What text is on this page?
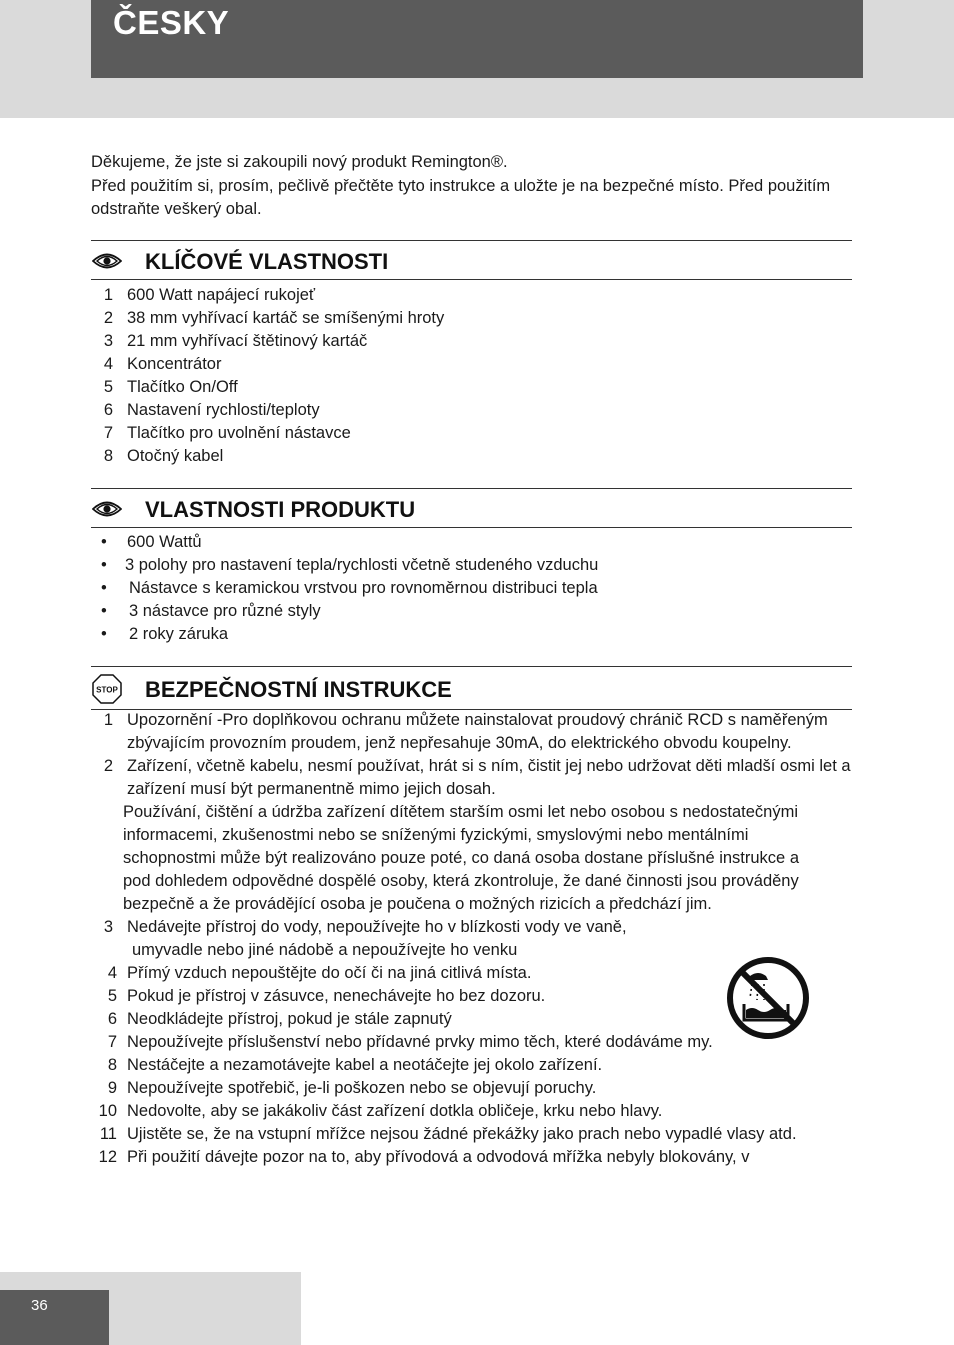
ČESKY

Děkujeme, že jste si zakoupili nový produkt Remington®.

Před použitím si, prosím, pečlivě přečtěte tyto instrukce a uložte je na bezpečné místo. Před použitím odstraňte veškerý obal.

KLÍČOVÉ VLASTNOSTI
1 600 Watt napájecí rukojeť
2 38 mm vyhřívací kartáč se smíšenými hroty
3 21 mm vyhřívací štětinový kartáč
4 Koncentrátor
5 Tlačítko On/Off
6 Nastavení rychlosti/teploty
7 Tlačítko pro uvolnění nástavce
8 Otočný kabel
VLASTNOSTI PRODUKTU
• 600 Wattů
• 3 polohy pro nastavení tepla/rychlosti včetně studeného vzduchu
• Nástavce s keramickou vrstvou pro rovnoměrnou distribuci tepla
• 3 nástavce pro různé styly
• 2 roky záruka
STOP BEZPEČNOSTNÍ INSTRUKCE
1 Upozornění -Pro doplňkovou ochranu můžete nainstalovat proudový chránič RCD s naměřeným zbývajícím provozním proudem, jenž nepřesahuje 30mA, do elektrického obvodu koupelny.
2 Zařízení, včetně kabelu, nesmí používat, hrát si s ním, čistit jej nebo udržovat děti mladší osmi let a zařízení musí být permanentně mimo jejich dosah.
Používání, čištění a údržba zařízení dítětem starším osmi let nebo osobou s nedostatečnými informacemi, zkušenostmi nebo se sníženými fyzickými, smyslovými nebo mentálními schopnostmi může být realizováno pouze poté, co daná osoba dostane příslušné instrukce a pod dohledem odpovědné dospělé osoby, která zkontroluje, že dané činnosti jsou prováděny bezpečně a že provádějící osoba je poučena o možných rizicích a předchází jim.
3 Nedávejte přístroj do vody, nepoužívejte ho v blízkosti vody ve vaně,
umyvadle nebo jiné nádobě a nepoužívejte ho venku
4 Přímý vzduch nepouštějte do očí či na jiná citlivá místa.
5 Pokud je přístroj v zásuvce, nenechávejte ho bez dozoru.
6 Neodkládejte přístroj, pokud je stále zapnutý
7 Nepoužívejte příslušenství nebo přídavné prvky mimo těch, které dodáváme my.
8 Nestáčejte a nezamotávejte kabel a neotáčejte jej okolo zařízení.
9 Nepoužívejte spotřebič, je-li poškozen nebo se objevují poruchy.
10 Nedovolte, aby se jakákoliv část zařízení dotkla obličeje, krku nebo hlavy.
11 Ujistěte se, že na vstupní mřížce nejsou žádné překážky jako prach nebo vypadlé vlasy atd.
12 Při použití dávejte pozor na to, aby přívodová a odvodová mřížka nebyly blokovány, v
36
